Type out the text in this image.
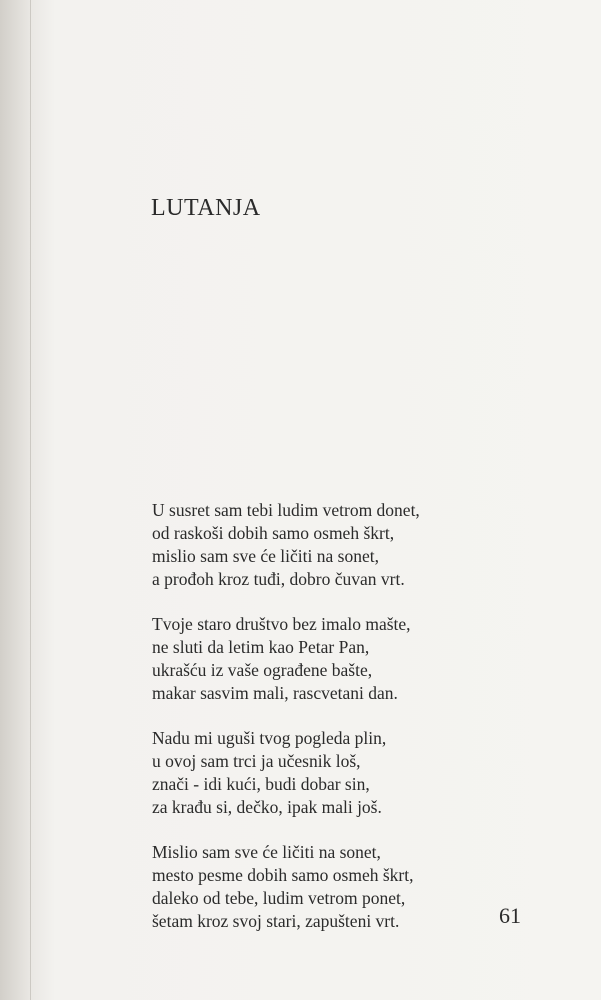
LUTANJA
U susret sam tebi ludim vetrom donet,
od raskoši dobih samo osmeh škrt,
mislio sam sve će ličiti na sonet,
a prođoh kroz tuđi, dobro čuvan vrt.
Tvoje staro društvo bez imalo mašte,
ne sluti da letim kao Petar Pan,
ukrašću iz vaše ograđene bašte,
makar sasvim mali, rascvetani dan.
Nadu mi uguši tvog pogleda plin,
u ovoj sam trci ja učesnik loš,
znači - idi kući, budi dobar sin,
za krađu si, dečko, ipak mali još.
Mislio sam sve će ličiti na sonet,
mesto pesme dobih samo osmeh škrt,
daleko od tebe, ludim vetrom ponet,
šetam kroz svoj stari, zapušteni vrt.	61
